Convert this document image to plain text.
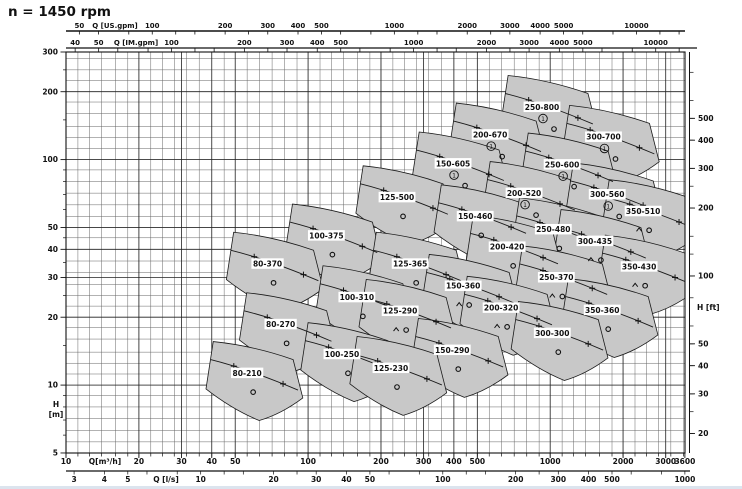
n = 1450 rpm
50	100	200	300 400 500	1000	2000	3000 4000 5000	10000
Q [US.gpm]
40 50	100	200	300 400 500	1000	2000	3000 4000 5000	10000
Q [IM.gpm]
300
200
100
50
40
30
20
10
5
H
[m]
500
400
300
200
100
50
40
30
20
H [ft]
10	20	30	40 50	100	200	300 400 500	1000	2000	3000
3600
Q[m³/h]
3	4 5	10	20	30	40 50	100	200	300 400 500	1000
Q [l/s]
1
250-800
1
200-670
1
300-700
1
150-605
1
250-600
1
200-520
1
300-560
125-500
350-510
150-460
250-480
100-375
300-435
200-420
80-370	125-365	350-430
250-370
150-360
100-310
200-320	350-360
125-290
80-270
300-300
150-290
100-250
125-230
80-210
